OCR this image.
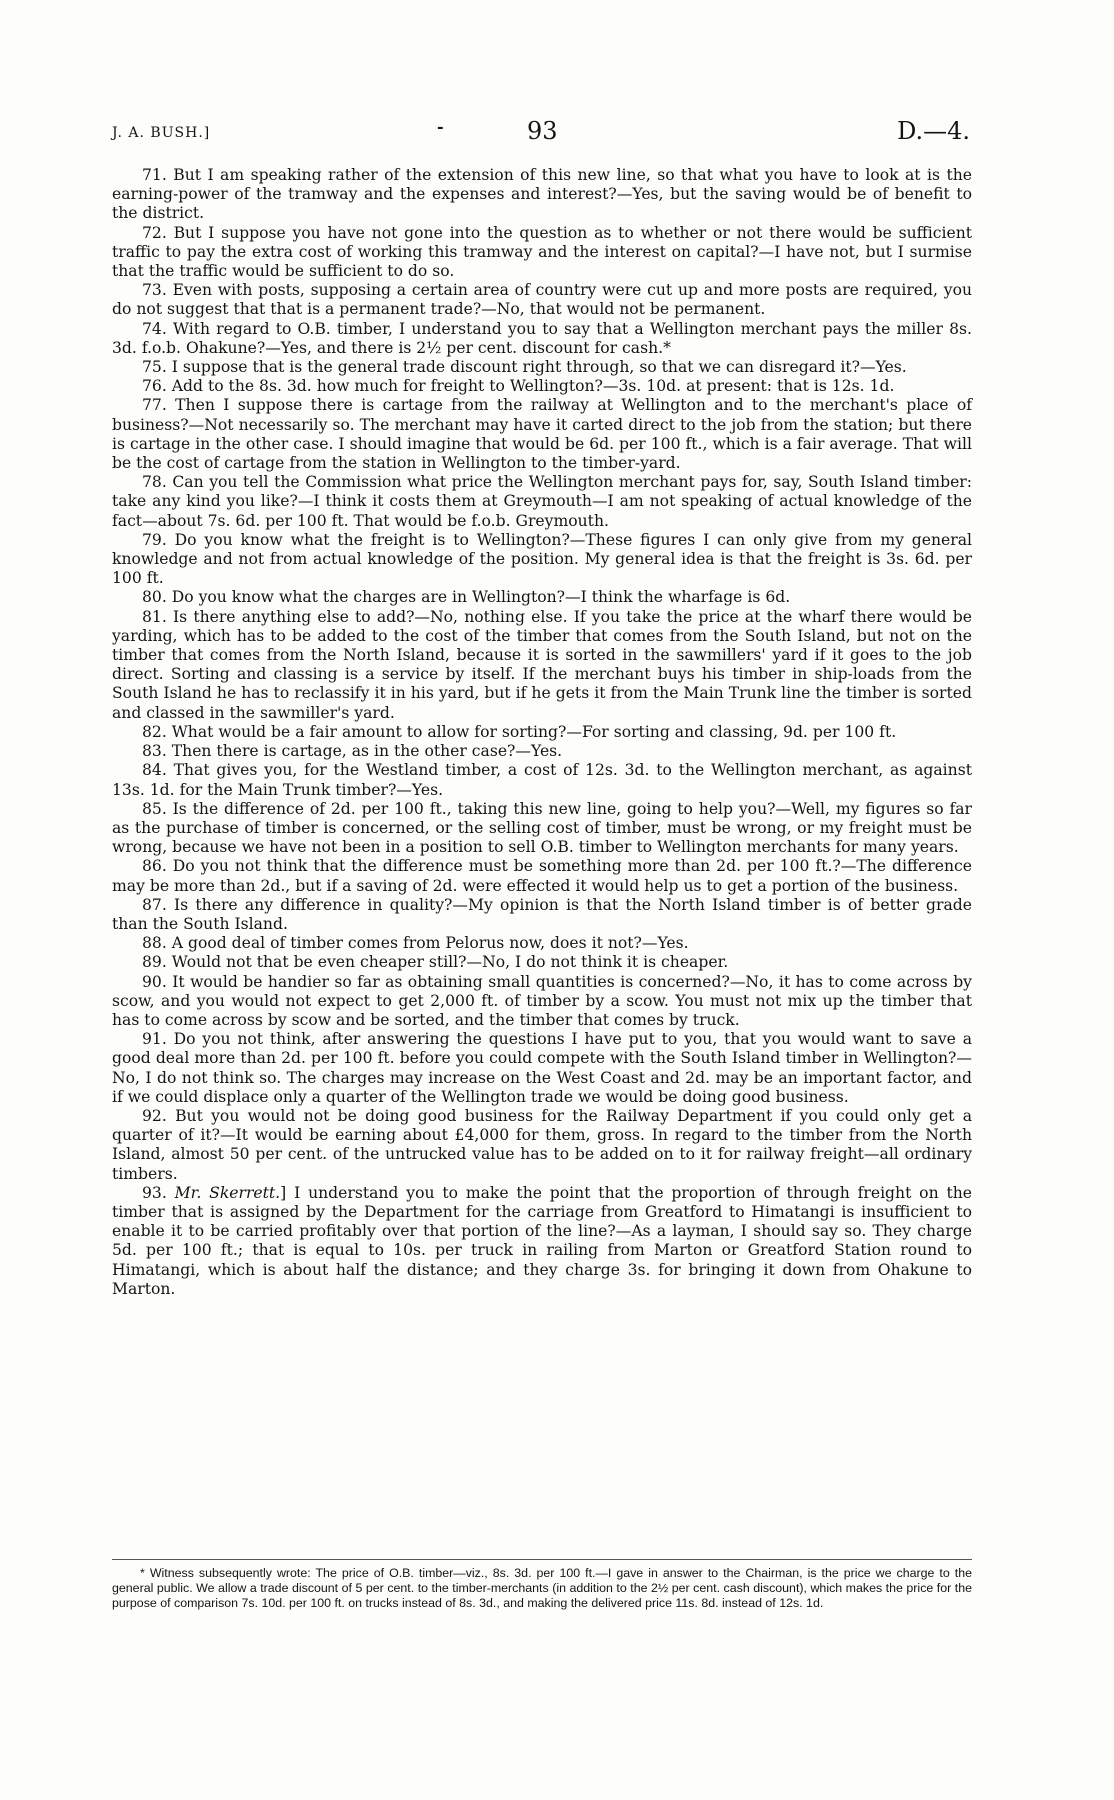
J. A. BUSH.]	-	93	D.—4.

71. But I am speaking rather of the extension of this new line, so that what you have to look at is the earning-power of the tramway and the expenses and interest?—Yes, but the saving would be of benefit to the district.

72. But I suppose you have not gone into the question as to whether or not there would be sufficient traffic to pay the extra cost of working this tramway and the interest on capital?—I have not, but I surmise that the traffic would be sufficient to do so.

73. Even with posts, supposing a certain area of country were cut up and more posts are required, you do not suggest that that is a permanent trade?—No, that would not be permanent.

74. With regard to O.B. timber, I understand you to say that a Wellington merchant pays the miller 8s. 3d. f.o.b. Ohakune?—Yes, and there is 2½ per cent. discount for cash.*

75. I suppose that is the general trade discount right through, so that we can disregard it?—Yes.

76. Add to the 8s. 3d. how much for freight to Wellington?—3s. 10d. at present: that is 12s. 1d.

77. Then I suppose there is cartage from the railway at Wellington and to the merchant's place of business?—Not necessarily so. The merchant may have it carted direct to the job from the station; but there is cartage in the other case. I should imagine that would be 6d. per 100 ft., which is a fair average. That will be the cost of cartage from the station in Wellington to the timber-yard.

78. Can you tell the Commission what price the Wellington merchant pays for, say, South Island timber: take any kind you like?—I think it costs them at Greymouth—I am not speaking of actual knowledge of the fact—about 7s. 6d. per 100 ft. That would be f.o.b. Greymouth.

79. Do you know what the freight is to Wellington?—These figures I can only give from my general knowledge and not from actual knowledge of the position. My general idea is that the freight is 3s. 6d. per 100 ft.

80. Do you know what the charges are in Wellington?—I think the wharfage is 6d.

81. Is there anything else to add?—No, nothing else. If you take the price at the wharf there would be yarding, which has to be added to the cost of the timber that comes from the South Island, but not on the timber that comes from the North Island, because it is sorted in the sawmillers' yard if it goes to the job direct. Sorting and classing is a service by itself. If the merchant buys his timber in ship-loads from the South Island he has to reclassify it in his yard, but if he gets it from the Main Trunk line the timber is sorted and classed in the sawmiller's yard.

82. What would be a fair amount to allow for sorting?—For sorting and classing, 9d. per 100 ft.

83. Then there is cartage, as in the other case?—Yes.

84. That gives you, for the Westland timber, a cost of 12s. 3d. to the Wellington merchant, as against 13s. 1d. for the Main Trunk timber?—Yes.

85. Is the difference of 2d. per 100 ft., taking this new line, going to help you?—Well, my figures so far as the purchase of timber is concerned, or the selling cost of timber, must be wrong, or my freight must be wrong, because we have not been in a position to sell O.B. timber to Wellington merchants for many years.

86. Do you not think that the difference must be something more than 2d. per 100 ft.?—The difference may be more than 2d., but if a saving of 2d. were effected it would help us to get a portion of the business.

87. Is there any difference in quality?—My opinion is that the North Island timber is of better grade than the South Island.

88. A good deal of timber comes from Pelorus now, does it not?—Yes.

89. Would not that be even cheaper still?—No, I do not think it is cheaper.

90. It would be handier so far as obtaining small quantities is concerned?—No, it has to come across by scow, and you would not expect to get 2,000 ft. of timber by a scow. You must not mix up the timber that has to come across by scow and be sorted, and the timber that comes by truck.

91. Do you not think, after answering the questions I have put to you, that you would want to save a good deal more than 2d. per 100 ft. before you could compete with the South Island timber in Wellington?—No, I do not think so. The charges may increase on the West Coast and 2d. may be an important factor, and if we could displace only a quarter of the Wellington trade we would be doing good business.

92. But you would not be doing good business for the Railway Department if you could only get a quarter of it?—It would be earning about £4,000 for them, gross. In regard to the timber from the North Island, almost 50 per cent. of the untrucked value has to be added on to it for railway freight—all ordinary timbers.

93. Mr. Skerrett.] I understand you to make the point that the proportion of through freight on the timber that is assigned by the Department for the carriage from Greatford to Himatangi is insufficient to enable it to be carried profitably over that portion of the line?—As a layman, I should say so. They charge 5d. per 100 ft.; that is equal to 10s. per truck in railing from Marton or Greatford Station round to Himatangi, which is about half the distance; and they charge 3s. for bringing it down from Ohakune to Marton.

* Witness subsequently wrote: The price of O.B. timber—viz., 8s. 3d. per 100 ft.—I gave in answer to the Chairman, is the price we charge to the general public. We allow a trade discount of 5 per cent. to the timber-merchants (in addition to the 2½ per cent. cash discount), which makes the price for the purpose of comparison 7s. 10d. per 100 ft. on trucks instead of 8s. 3d., and making the delivered price 11s. 8d. instead of 12s. 1d.
